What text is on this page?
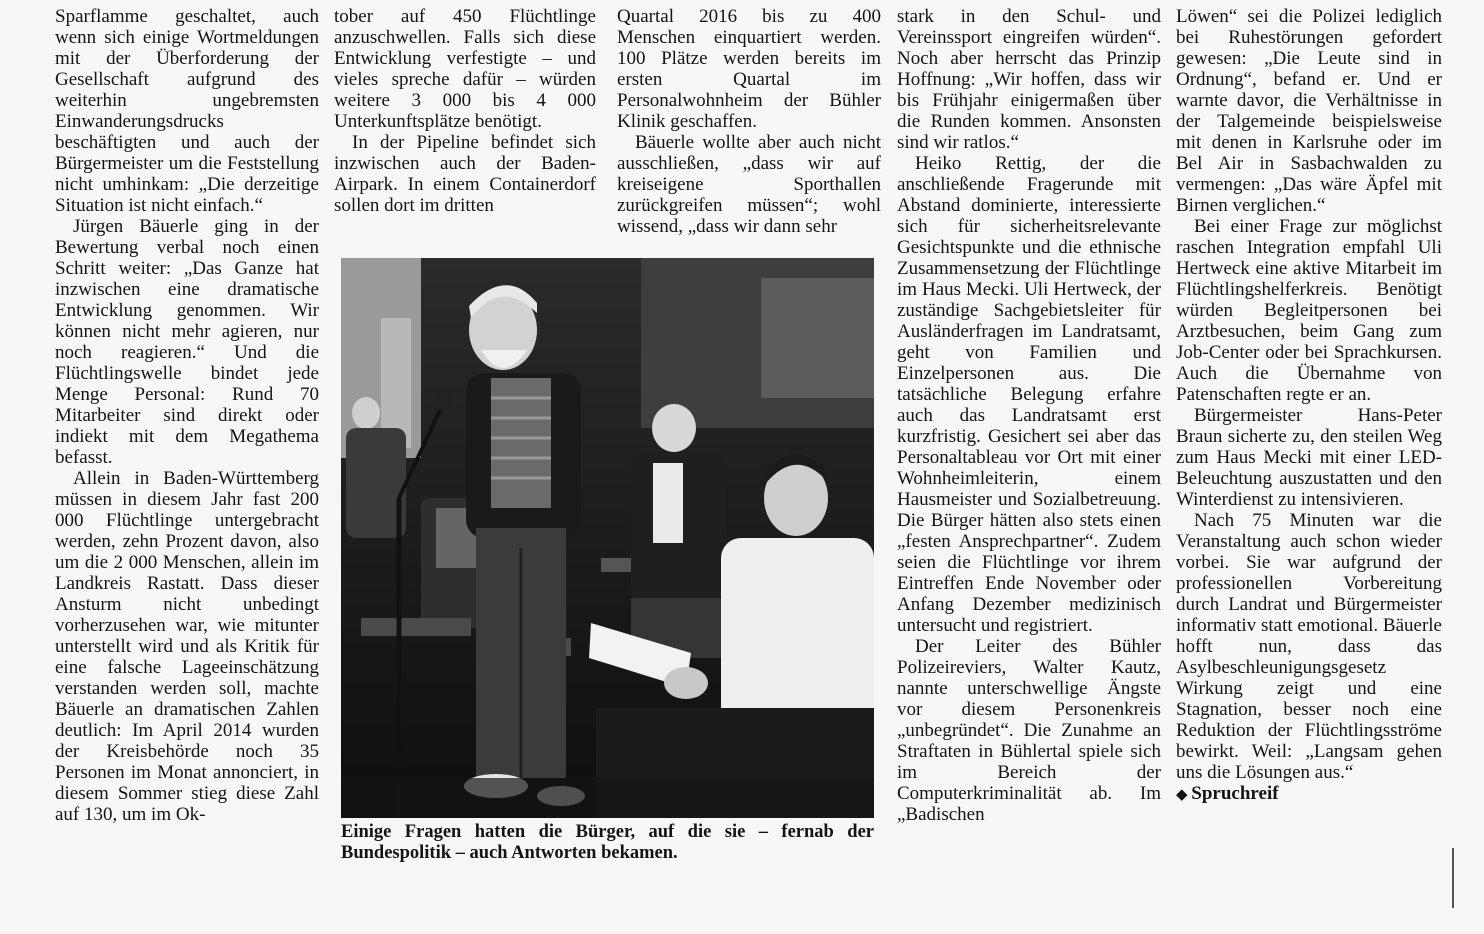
Sparflamme geschaltet, auch wenn sich einige Wortmeldungen mit der Überforderung der Gesellschaft aufgrund des weiterhin ungebremsten Einwanderungsdrucks beschäftigten und auch der Bürgermeister um die Feststellung nicht umhinkam: „Die derzeitige Situation ist nicht einfach.“

Jürgen Bäuerle ging in der Bewertung verbal noch einen Schritt weiter: „Das Ganze hat inzwischen eine dramatische Entwicklung genommen. Wir können nicht mehr agieren, nur noch reagieren.“ Und die Flüchtlingswelle bindet jede Menge Personal: Rund 70 Mitarbeiter sind direkt oder indiekt mit dem Megathema befasst.

Allein in Baden-Württemberg müssen in diesem Jahr fast 200 000 Flüchtlinge untergebracht werden, zehn Prozent davon, also um die 2 000 Menschen, allein im Landkreis Rastatt. Dass dieser Ansturm nicht unbedingt vorherzusehen war, wie mitunter unterstellt wird und als Kritik für eine falsche Lageeinschätzung verstanden werden soll, machte Bäuerle an dramatischen Zahlen deutlich: Im April 2014 wurden der Kreisbehörde noch 35 Personen im Monat annonciert, in diesem Sommer stieg diese Zahl auf 130, um im Ok-

tober auf 450 Flüchtlinge anzuschwellen. Falls sich diese Entwicklung verfestigte – und vieles spreche dafür – würden weitere 3 000 bis 4 000 Unterkunftsplätze benötigt.

In der Pipeline befindet sich inzwischen auch der Baden-Airpark. In einem Containerdorf sollen dort im dritten

Quartal 2016 bis zu 400 Menschen einquartiert werden. 100 Plätze werden bereits im ersten Quartal im Personalwohnheim der Bühler Klinik geschaffen.

Bäuerle wollte aber auch nicht ausschließen, „dass wir auf kreiseigene Sporthallen zurückgreifen müssen“; wohl wissend, „dass wir dann sehr

stark in den Schul- und Vereinssport eingreifen würden“. Noch aber herrscht das Prinzip Hoffnung: „Wir hoffen, dass wir bis Frühjahr einigermaßen über die Runden kommen. Ansonsten sind wir ratlos.“

Heiko Rettig, der die anschließende Fragerunde mit Abstand dominierte, interessierte sich für sicherheitsrelevante Gesichtspunkte und die ethnische Zusammensetzung der Flüchtlinge im Haus Mecki. Uli Hertweck, der zuständige Sachgebietsleiter für Ausländerfragen im Landratsamt, geht von Familien und Einzelpersonen aus. Die tatsächliche Belegung erfahre auch das Landratsamt erst kurzfristig. Gesichert sei aber das Personaltableau vor Ort mit einer Wohnheimleiterin, einem Hausmeister und Sozialbetreuung. Die Bürger hätten also stets einen „festen Ansprechpartner“. Zudem seien die Flüchtlinge vor ihrem Eintreffen Ende November oder Anfang Dezember medizinisch untersucht und registriert.

Der Leiter des Bühler Polizeireviers, Walter Kautz, nannte unterschwellige Ängste vor diesem Personenkreis „unbegründet“. Die Zunahme an Straftaten in Bühlertal spiele sich im Bereich der Computerkriminalität ab. Im „Badischen

Löwen“ sei die Polizei lediglich bei Ruhestörungen gefordert gewesen: „Die Leute sind in Ordnung“, befand er. Und er warnte davor, die Verhältnisse in der Talgemeinde beispielsweise mit denen in Karlsruhe oder im Bel Air in Sasbachwalden zu vermengen: „Das wäre Äpfel mit Birnen verglichen.“

Bei einer Frage zur möglichst raschen Integration empfahl Uli Hertweck eine aktive Mitarbeit im Flüchtlingshelferkreis. Benötigt würden Begleitpersonen bei Arztbesuchen, beim Gang zum Job-Center oder bei Sprachkursen. Auch die Übernahme von Patenschaften regte er an.

Bürgermeister Hans-Peter Braun sicherte zu, den steilen Weg zum Haus Mecki mit einer LED-Beleuchtung auszustatten und den Winterdienst zu intensivieren.

Nach 75 Minuten war die Veranstaltung auch schon wieder vorbei. Sie war aufgrund der professionellen Vorbereitung durch Landrat und Bürgermeister informativ statt emotional. Bäuerle hofft nun, dass das Asylbeschleunigungsgesetz Wirkung zeigt und eine Stagnation, besser noch eine Reduktion der Flüchtlingsströme bewirkt. Weil: „Langsam gehen uns die Lösungen aus.“

◆ Spruchreif

Einige Fragen hatten die Bürger, auf die sie – fernab der Bundespolitik – auch Antworten bekamen.
